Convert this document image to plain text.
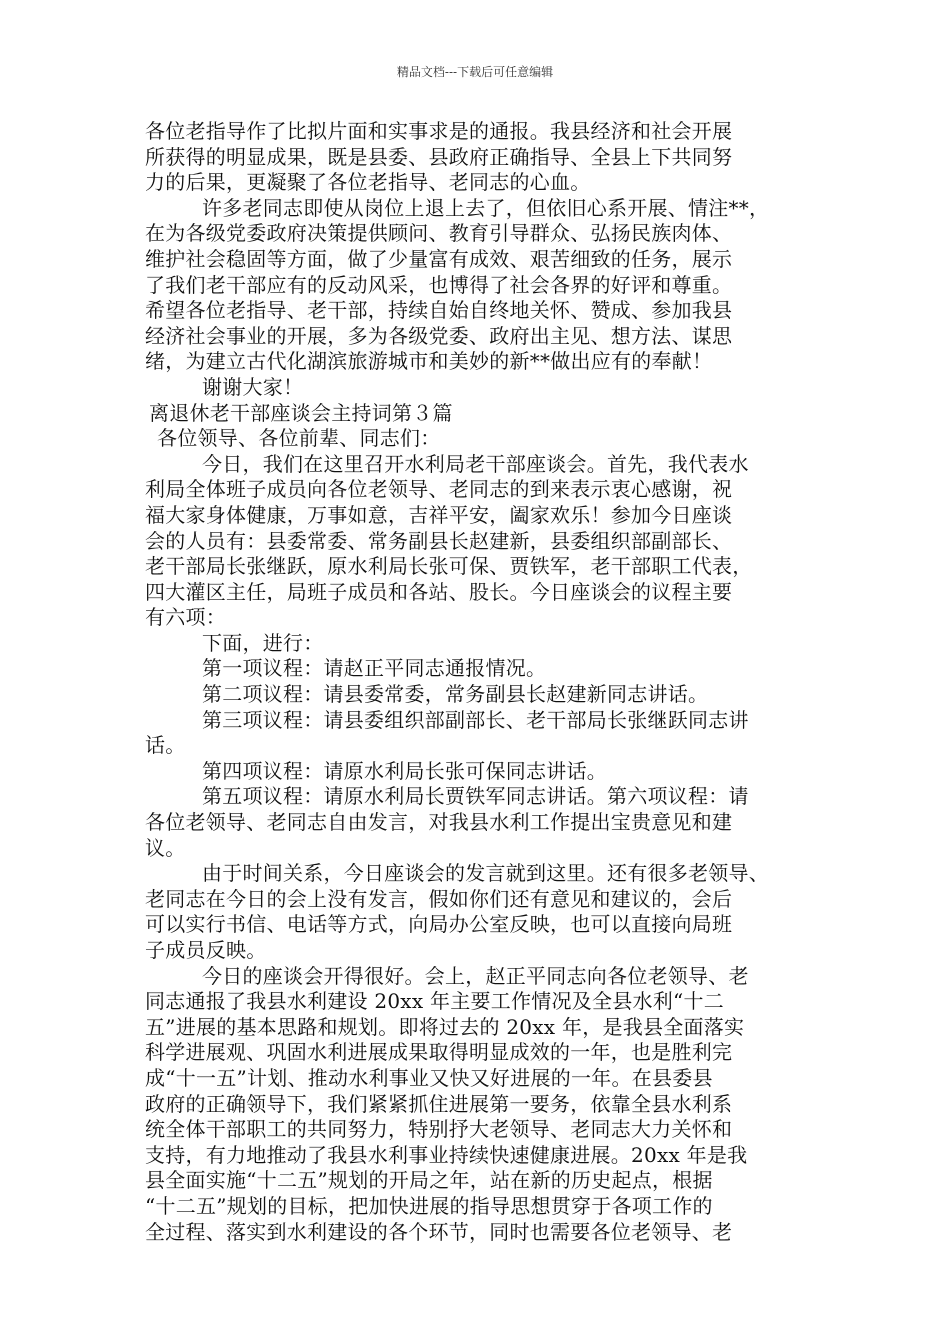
精品文档---下载后可任意编辑
各位老指导作了比拟片面和实事求是的通报。我县经济和社会开展
所获得的明显成果，既是县委、县政府正确指导、全县上下共同努
力的后果，更凝聚了各位老指导、老同志的心血。
许多老同志即使从岗位上退上去了，但依旧心系开展、情注**，
在为各级党委政府决策提供顾问、教育引导群众、弘扬民族肉体、
维护社会稳固等方面，做了少量富有成效、艰苦细致的任务，展示
了我们老干部应有的反动风采，也博得了社会各界的好评和尊重。
希望各位老指导、老干部，持续自始自终地关怀、赞成、参加我县
经济社会事业的开展，多为各级党委、政府出主见、想方法、谋思
绪，为建立古代化湖滨旅游城市和美妙的新**做出应有的奉献！
谢谢大家！
离退休老干部座谈会主持词第３篇
各位领导、各位前辈、同志们：
今日，我们在这里召开水利局老干部座谈会。首先，我代表水
利局全体班子成员向各位老领导、老同志的到来表示衷心感谢，祝
福大家身体健康，万事如意，吉祥平安，阖家欢乐！参加今日座谈
会的人员有：县委常委、常务副县长赵建新，县委组织部副部长、
老干部局长张继跃，原水利局长张可保、贾铁军，老干部职工代表，
四大灌区主任，局班子成员和各站、股长。今日座谈会的议程主要
有六项：
下面，进行：
第一项议程：请赵正平同志通报情况。
第二项议程：请县委常委，常务副县长赵建新同志讲话。
第三项议程：请县委组织部副部长、老干部局长张继跃同志讲
话。
第四项议程：请原水利局长张可保同志讲话。
第五项议程：请原水利局长贾铁军同志讲话。第六项议程：请
各位老领导、老同志自由发言，对我县水利工作提出宝贵意见和建
议。
由于时间关系，今日座谈会的发言就到这里。还有很多老领导、
老同志在今日的会上没有发言，假如你们还有意见和建议的，会后
可以实行书信、电话等方式，向局办公室反映，也可以直接向局班
子成员反映。
今日的座谈会开得很好。会上，赵正平同志向各位老领导、老
同志通报了我县水利建设 20xx 年主要工作情况及全县水利“十二
五”进展的基本思路和规划。即将过去的 20xx 年，是我县全面落实
科学进展观、巩固水利进展成果取得明显成效的一年，也是胜利完
成“十一五”计划、推动水利事业又快又好进展的一年。在县委县
政府的正确领导下，我们紧紧抓住进展第一要务，依靠全县水利系
统全体干部职工的共同努力，特别抒大老领导、老同志大力关怀和
支持，有力地推动了我县水利事业持续快速健康进展。20xx 年是我
县全面实施“十二五”规划的开局之年，站在新的历史起点，根据
“十二五”规划的目标，把加快进展的指导思想贯穿于各项工作的
全过程、落实到水利建设的各个环节，同时也需要各位老领导、老
